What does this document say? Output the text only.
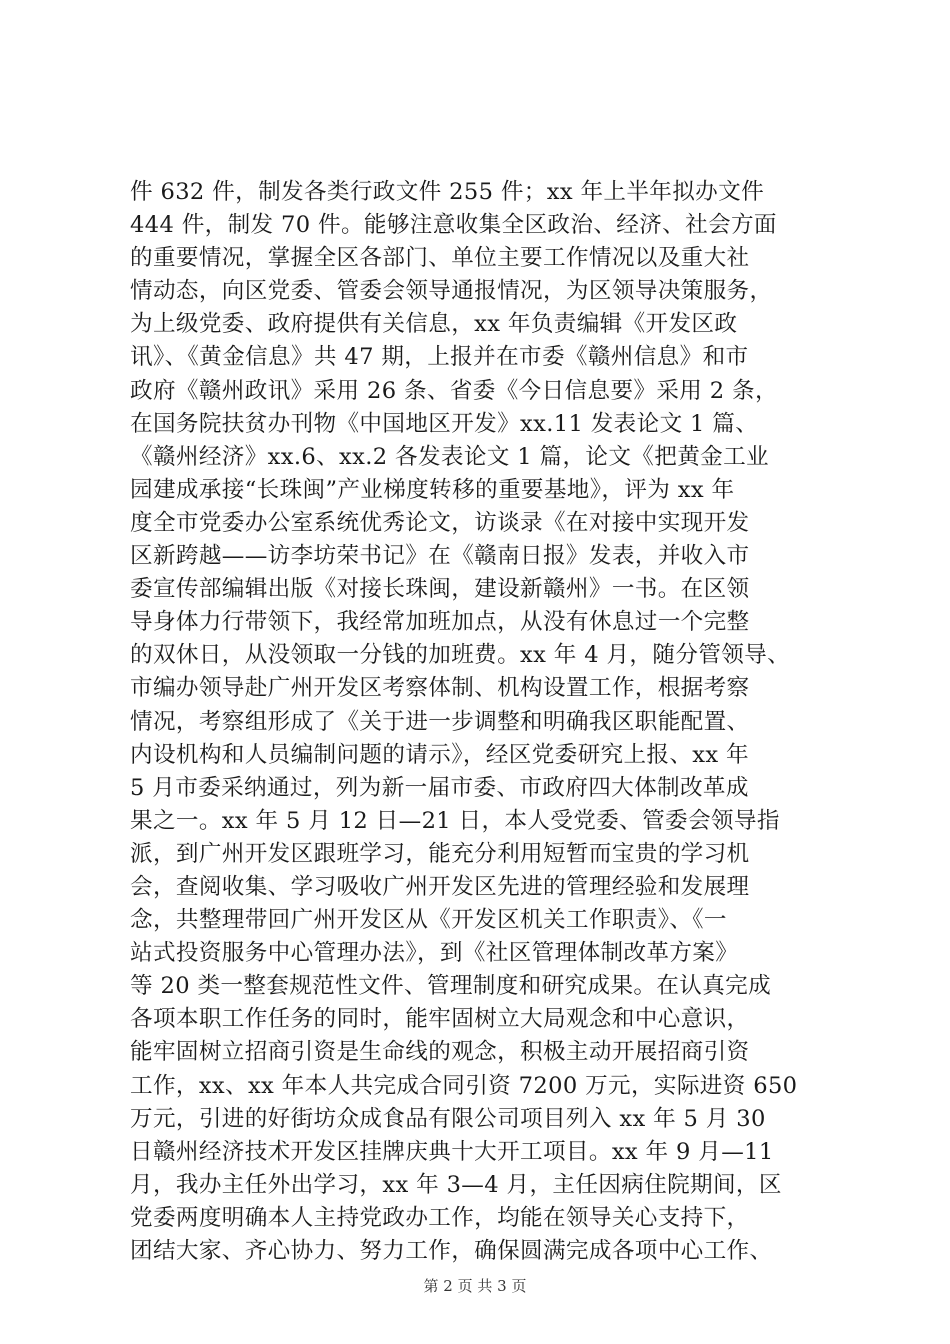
件 632 件，制发各类行政文件 255 件；xx 年上半年拟办文件
444 件，制发 70 件。能够注意收集全区政治、经济、社会方面
的重要情况，掌握全区各部门、单位主要工作情况以及重大社
情动态，向区党委、管委会领导通报情况，为区领导决策服务，
为上级党委、政府提供有关信息，xx 年负责编辑《开发区政
讯》、《黄金信息》共 47 期，上报并在市委《赣州信息》和市
政府《赣州政讯》采用 26 条、省委《今日信息要》采用 2 条，
在国务院扶贫办刊物《中国地区开发》xx.11 发表论文 1 篇、
《赣州经济》xx.6、xx.2 各发表论文 1 篇，论文《把黄金工业
园建成承接“长珠闽”产业梯度转移的重要基地》，评为 xx 年
度全市党委办公室系统优秀论文，访谈录《在对接中实现开发
区新跨越——访李坊荣书记》在《赣南日报》发表，并收入市
委宣传部编辑出版《对接长珠闽，建设新赣州》一书。在区领
导身体力行带领下，我经常加班加点，从没有休息过一个完整
的双休日，从没领取一分钱的加班费。xx 年 4 月，随分管领导、
市编办领导赴广州开发区考察体制、机构设置工作，根据考察
情况，考察组形成了《关于进一步调整和明确我区职能配置、
内设机构和人员编制问题的请示》，经区党委研究上报、xx 年
5 月市委采纳通过，列为新一届市委、市政府四大体制改革成
果之一。xx 年 5 月 12 日—21 日，本人受党委、管委会领导指
派，到广州开发区跟班学习，能充分利用短暂而宝贵的学习机
会，查阅收集、学习吸收广州开发区先进的管理经验和发展理
念，共整理带回广州开发区从《开发区机关工作职责》、《一
站式投资服务中心管理办法》，到《社区管理体制改革方案》
等 20 类一整套规范性文件、管理制度和研究成果。在认真完成
各项本职工作任务的同时，能牢固树立大局观念和中心意识，
能牢固树立招商引资是生命线的观念，积极主动开展招商引资
工作，xx、xx 年本人共完成合同引资 7200 万元，实际进资 650
万元，引进的好街坊众成食品有限公司项目列入 xx 年 5 月 30
日赣州经济技术开发区挂牌庆典十大开工项目。xx 年 9 月—11
月，我办主任外出学习，xx 年 3—4 月，主任因病住院期间，区
党委两度明确本人主持党政办工作，均能在领导关心支持下，
团结大家、齐心协力、努力工作，确保圆满完成各项中心工作、
第 2 页 共 3 页
